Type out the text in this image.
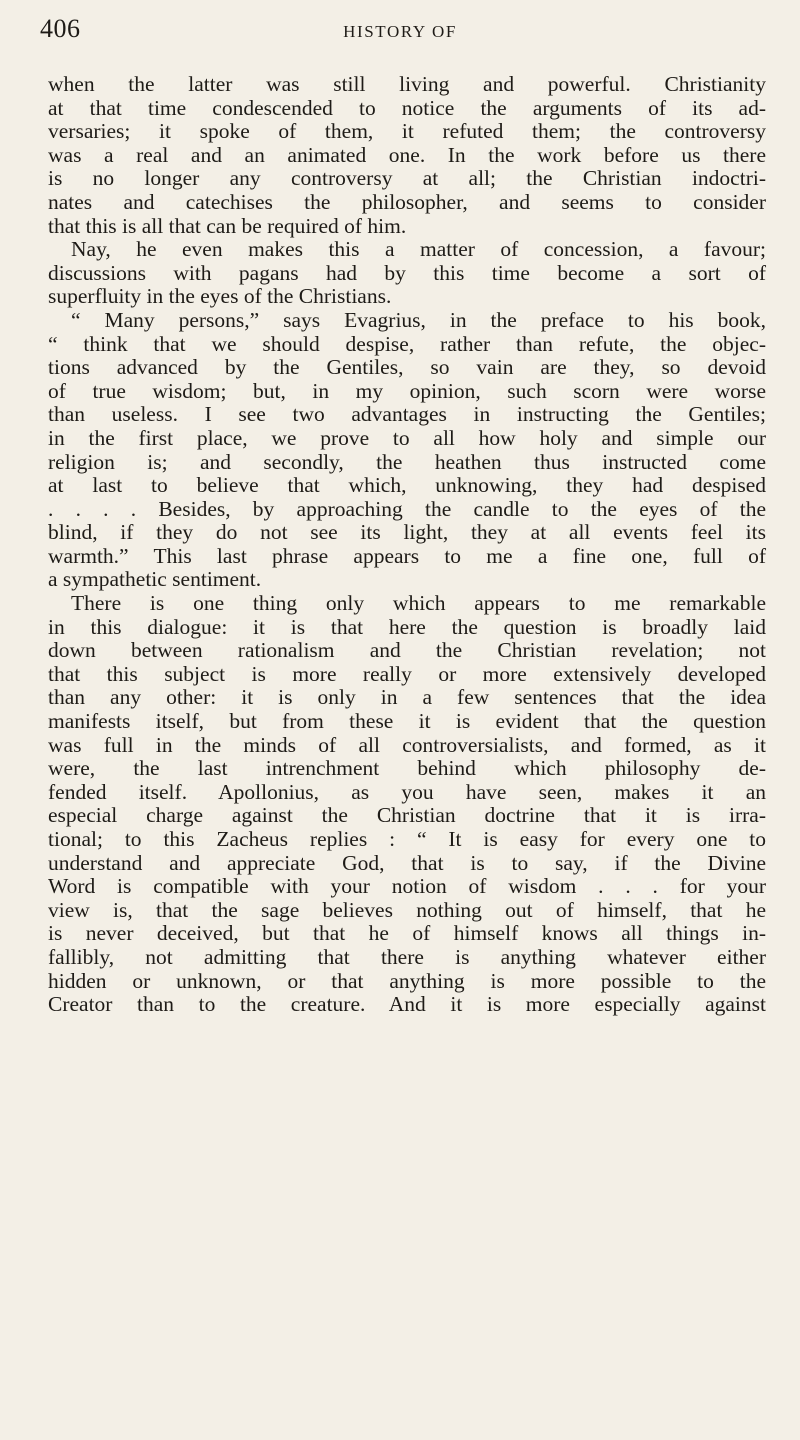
406	HISTORY OF
when the latter was still living and powerful. Christianity
at that time condescended to notice the arguments of its ad-
versaries; it spoke of them, it refuted them; the controversy
was a real and an animated one. In the work before us there
is no longer any controversy at all; the Christian indoctri-
nates and catechises the philosopher, and seems to consider
that this is all that can be required of him.
Nay, he even makes this a matter of concession, a favour;
discussions with pagans had by this time become a sort of
superfluity in the eyes of the Christians.
“ Many persons,” says Evagrius, in the preface to his book,
“ think that we should despise, rather than refute, the objec-
tions advanced by the Gentiles, so vain are they, so devoid
of true wisdom; but, in my opinion, such scorn were worse
than useless. I see two advantages in instructing the Gentiles;
in the first place, we prove to all how holy and simple our
religion is; and secondly, the heathen thus instructed come
at last to believe that which, unknowing, they had despised
. . . . Besides, by approaching the candle to the eyes of the
blind, if they do not see its light, they at all events feel its
warmth.” This last phrase appears to me a fine one, full of
a sympathetic sentiment.
There is one thing only which appears to me remarkable
in this dialogue: it is that here the question is broadly laid
down between rationalism and the Christian revelation; not
that this subject is more really or more extensively developed
than any other: it is only in a few sentences that the idea
manifests itself, but from these it is evident that the question
was full in the minds of all controversialists, and formed, as it
were, the last intrenchment behind which philosophy de-
fended itself. Apollonius, as you have seen, makes it an
especial charge against the Christian doctrine that it is irra-
tional; to this Zacheus replies : “ It is easy for every one to
understand and appreciate God, that is to say, if the Divine
Word is compatible with your notion of wisdom . . . for your
view is, that the sage believes nothing out of himself, that he
is never deceived, but that he of himself knows all things in-
fallibly, not admitting that there is anything whatever either
hidden or unknown, or that anything is more possible to the
Creator than to the creature. And it is more especially against
